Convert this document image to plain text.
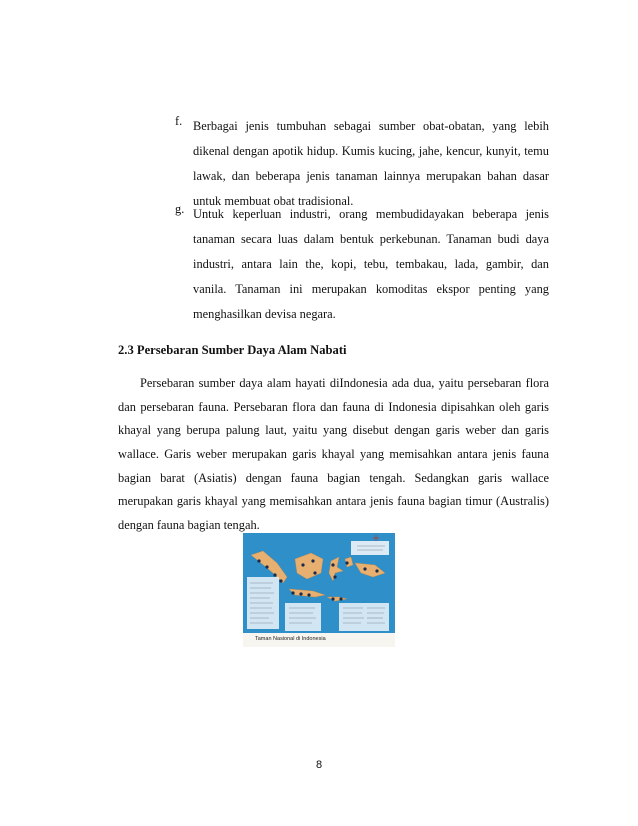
f. Berbagai jenis tumbuhan sebagai sumber obat-obatan, yang lebih
dikenal dengan apotik hidup. Kumis kucing, jahe, kencur, kunyit, temu
lawak, dan beberapa jenis tanaman lainnya merupakan bahan dasar
untuk membuat obat tradisional.
g. Untuk keperluan industri, orang membudidayakan beberapa jenis
tanaman secara luas dalam bentuk perkebunan. Tanaman budi daya
industri, antara lain the, kopi, tebu, tembakau, lada, gambir, dan
vanila. Tanaman ini merupakan komoditas ekspor penting yang
menghasilkan devisa negara.
2.3 Persebaran Sumber Daya Alam Nabati
Persebaran sumber daya alam hayati diIndonesia ada dua, yaitu persebaran flora
dan persebaran fauna. Persebaran flora dan fauna di Indonesia dipisahkan oleh garis
khayal yang berupa palung laut, yaitu yang disebut dengan garis weber dan garis
wallace. Garis weber merupakan garis khayal yang memisahkan antara jenis fauna
bagian barat (Asiatis) dengan fauna bagian tengah. Sedangkan garis wallace
merupakan garis khayal yang memisahkan antara jenis fauna bagian timur (Australis)
dengan fauna bagian tengah.
Taman Nasional di Indonesia
8
